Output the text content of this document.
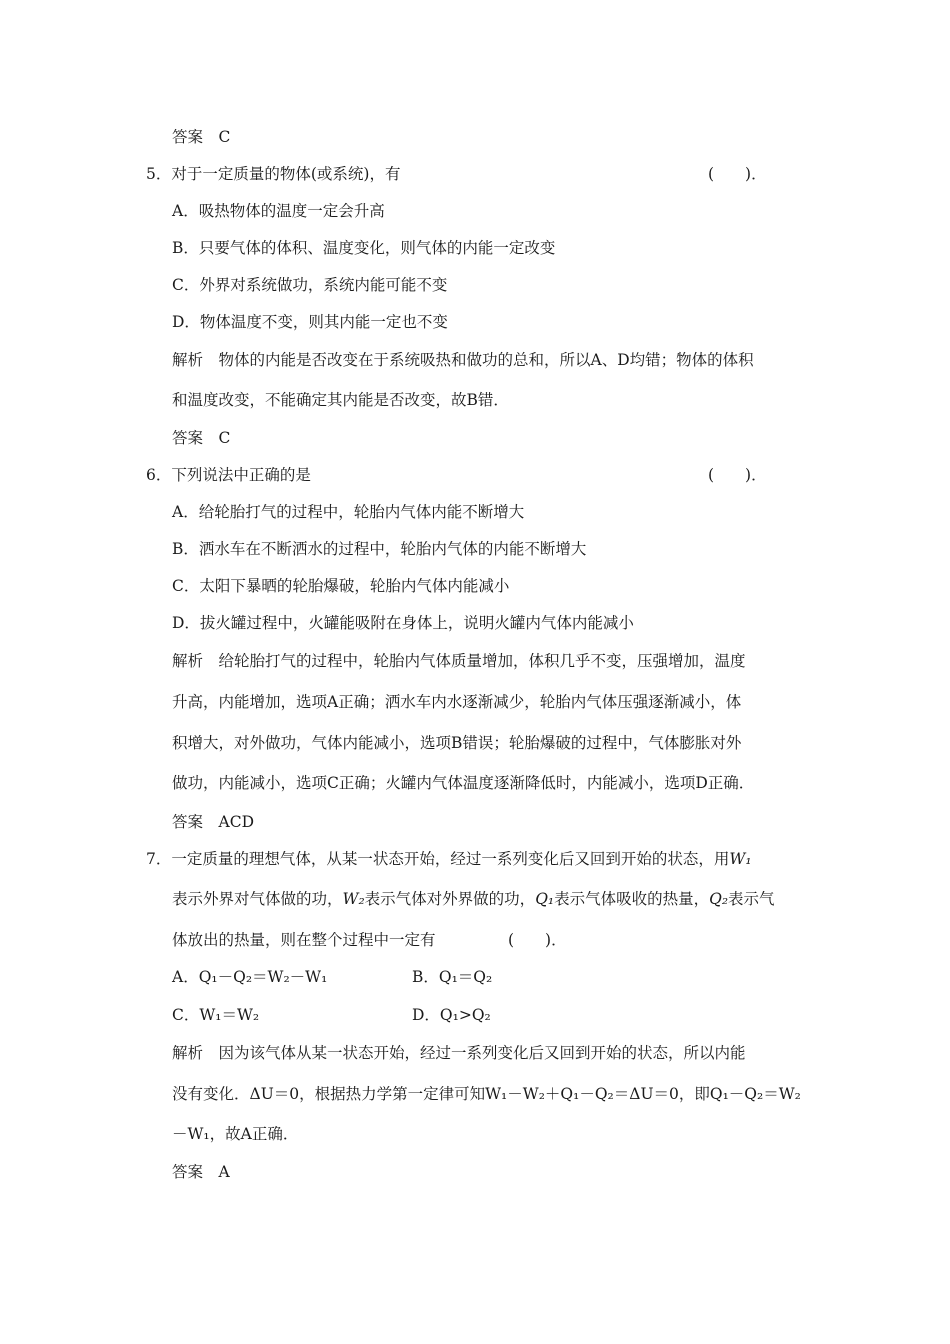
答案　 C
5．对于一定质量的物体(或系统)，有	(　　)．
A．吸热物体的温度一定会升高
B．只要气体的体积、温度变化，则气体的内能一定改变
C．外界对系统做功，系统内能可能不变
D．物体温度不变，则其内能一定也不变
解析　 物体的内能是否改变在于系统吸热和做功的总和，所以A、D均错；物体的体积
和温度改变，不能确定其内能是否改变，故B错．
答案　 C
6．下列说法中正确的是	(　　)．
A．给轮胎打气的过程中，轮胎内气体内能不断增大
B．洒水车在不断洒水的过程中，轮胎内气体的内能不断增大
C．太阳下暴晒的轮胎爆破，轮胎内气体内能减小
D．拔火罐过程中，火罐能吸附在身体上，说明火罐内气体内能减小
解析　 给轮胎打气的过程中，轮胎内气体质量增加，体积几乎不变，压强增加，温度
升高，内能增加，选项A正确；洒水车内水逐渐减少，轮胎内气体压强逐渐减小，体
积增大，对外做功，气体内能减小，选项B错误；轮胎爆破的过程中，气体膨胀对外
做功，内能减小，选项C正确；火罐内气体温度逐渐降低时，内能减小，选项D正确．
答案　 ACD
7．一定质量的理想气体，从某一状态开始，经过一系列变化后又回到开始的状态，用W₁
表示外界对气体做的功，W₂表示气体对外界做的功，Q₁表示气体吸收的热量，Q₂表示气
体放出的热量，则在整个过程中一定有	(　　)．
A．Q₁－Q₂＝W₂－W₁	B．Q₁＝Q₂
C．W₁＝W₂	D．Q₁>Q₂
解析　 因为该气体从某一状态开始，经过一系列变化后又回到开始的状态，所以内能
没有变化．ΔU＝0，根据热力学第一定律可知W₁－W₂＋Q₁－Q₂＝ΔU＝0，即Q₁－Q₂＝W₂
－W₁，故A正确．
答案　 A
